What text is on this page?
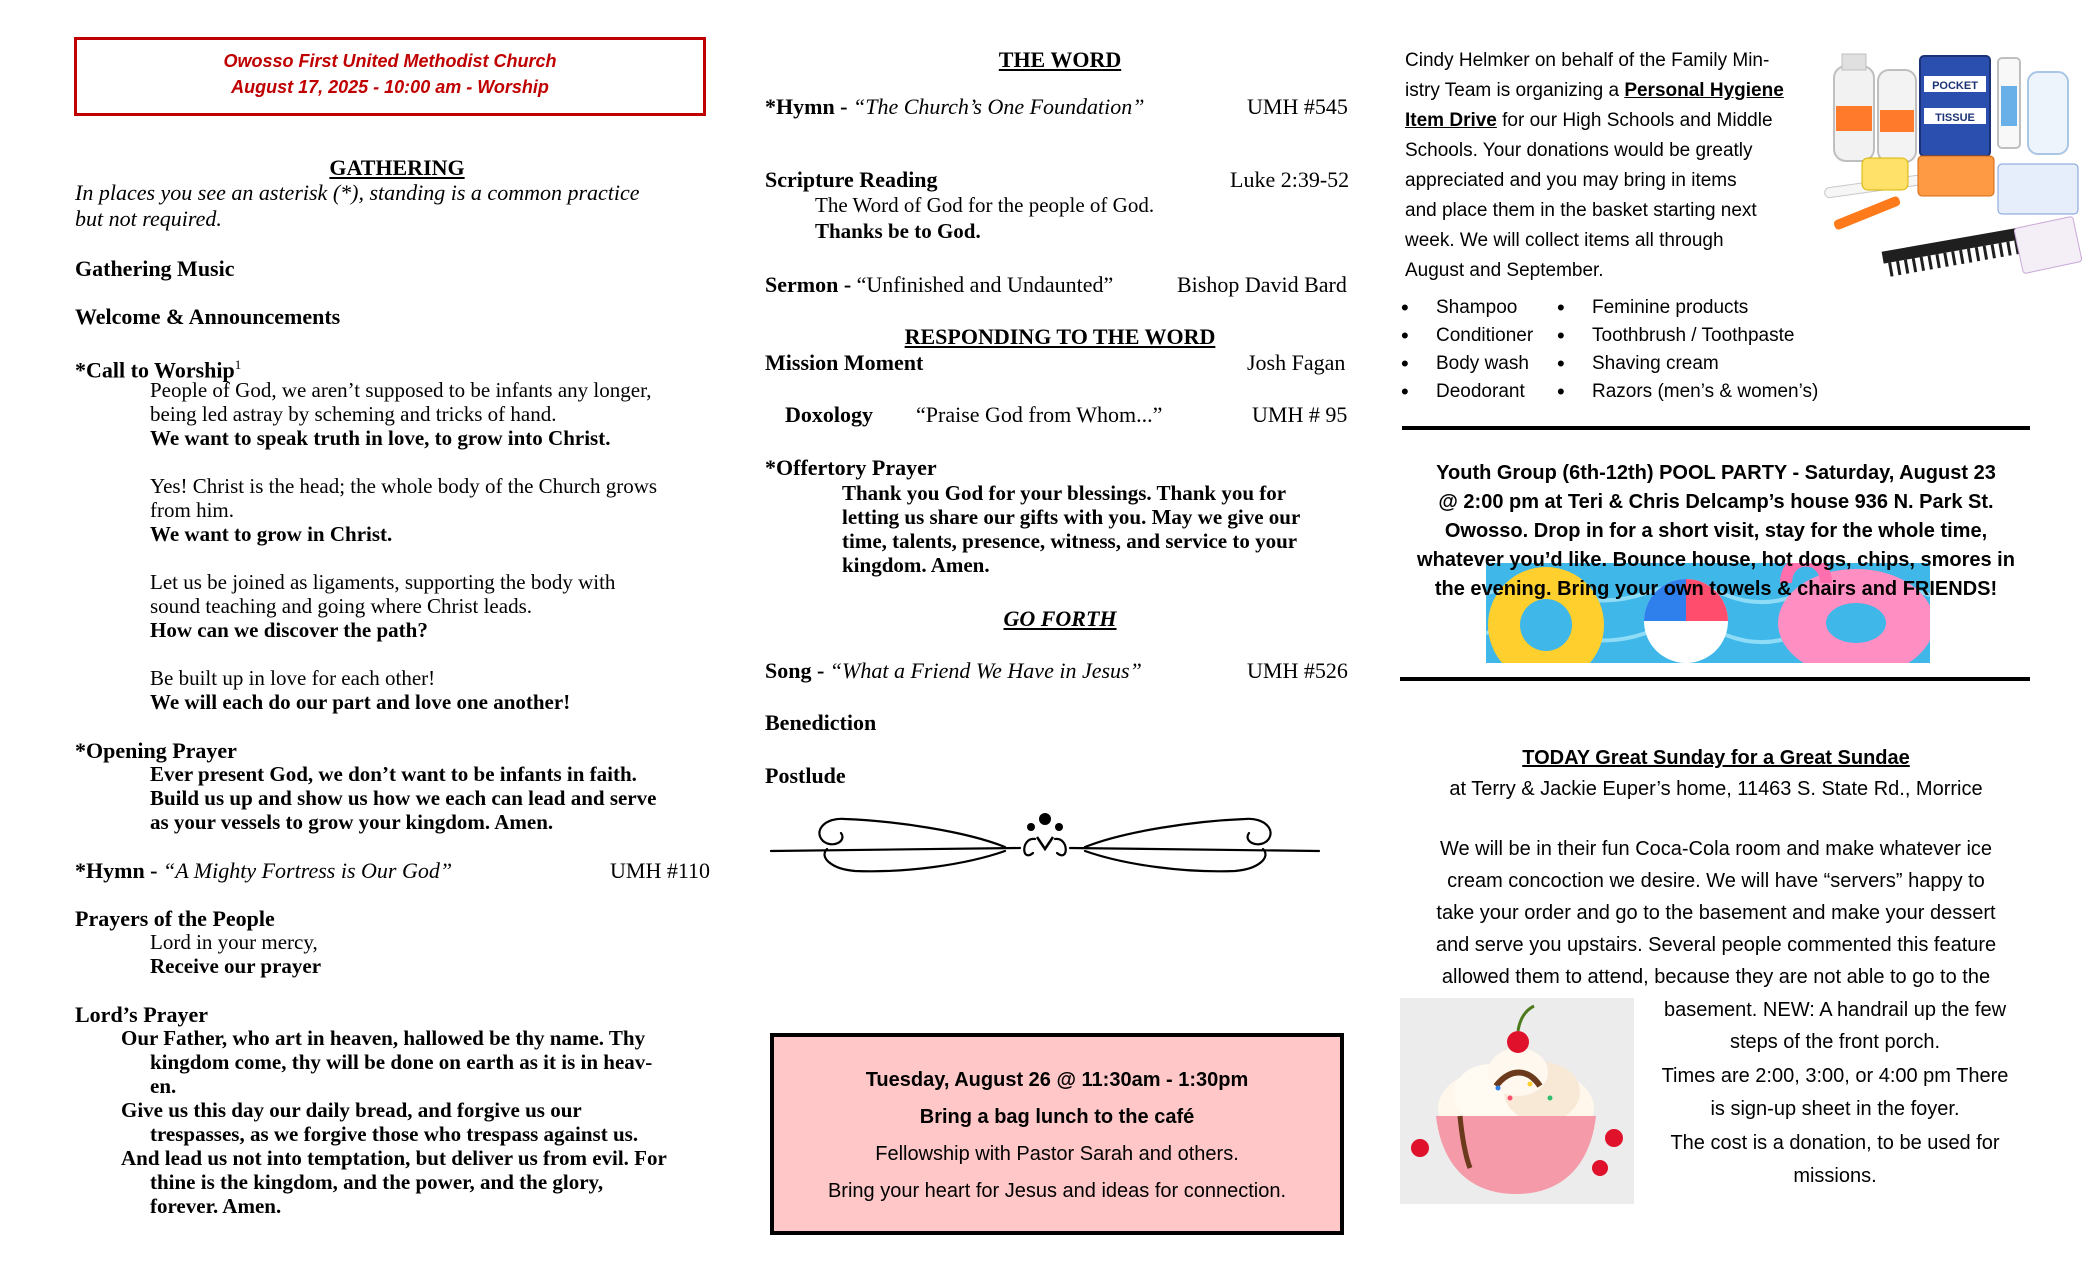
Owosso First United Methodist Church
August 17, 2025 - 10:00 am - Worship
GATHERING
In places you see an asterisk (*), standing is a common practice
but not required.
Gathering Music
Welcome & Announcements
*Call to Worship$^1$
People of God, we aren’t supposed to be infants any longer,
being led astray by scheming and tricks of hand.
We want to speak truth in love, to grow into Christ.
Yes! Christ is the head; the whole body of the Church grows
from him.
We want to grow in Christ.
Let us be joined as ligaments, supporting the body with
sound teaching and going where Christ leads.
How can we discover the path?
Be built up in love for each other!
We will each do our part and love one another!
*Opening Prayer
Ever present God, we don’t want to be infants in faith.
Build us up and show us how we each can lead and serve
as your vessels to grow your kingdom. Amen.
*Hymn - “A Mighty Fortress is Our God”	UMH #110
Prayers of the People
Lord in your mercy,
Receive our prayer
Lord’s Prayer
Our Father, who art in heaven, hallowed be thy name. Thy
kingdom come, thy will be done on earth as it is in heav-
en.
Give us this day our daily bread, and forgive us our
trespasses, as we forgive those who trespass against us.
And lead us not into temptation, but deliver us from evil. For
thine is the kingdom, and the power, and the glory,
forever. Amen.
THE WORD
*Hymn - “The Church’s One Foundation”	UMH #545
Scripture Reading	Luke 2:39-52
The Word of God for the people of God.
Thanks be to God.
Sermon - “Unfinished and Undaunted”	Bishop David Bard
RESPONDING TO THE WORD
Mission Moment	Josh Fagan
Doxology “Praise God from Whom...”	UMH # 95
*Offertory Prayer
Thank you God for your blessings. Thank you for
letting us share our gifts with you. May we give our
time, talents, presence, witness, and service to your
kingdom. Amen.
GO FORTH
Song - “What a Friend We Have in Jesus”	UMH #526
Benediction
Postlude
Tuesday, August 26 @ 11:30am - 1:30pm
Bring a bag lunch to the café
Fellowship with Pastor Sarah and others.
Bring your heart for Jesus and ideas for connection.
Cindy Helmker on behalf of the Family Min-
istry Team is organizing a Personal Hygiene
Item Drive for our High Schools and Middle
Schools. Your donations would be greatly
appreciated and you may bring in items
and place them in the basket starting next
week. We will collect items all through
August and September.
POCKET
TISSUE
• Shampoo
• Conditioner
• Body wash
• Deodorant
• Feminine products
• Toothbrush / Toothpaste
• Shaving cream
• Razors (men’s & women’s)
Youth Group (6th-12th) POOL PARTY - Saturday, August 23
@ 2:00 pm at Teri & Chris Delcamp’s house 936 N. Park St.
Owosso. Drop in for a short visit, stay for the whole time,
whatever you’d like. Bounce house, hot dogs, chips, smores in
the evening. Bring your own towels & chairs and FRIENDS!
TODAY Great Sunday for a Great Sundae
at Terry & Jackie Euper’s home, 11463 S. State Rd., Morrice
We will be in their fun Coca-Cola room and make whatever ice
cream concoction we desire. We will have “servers” happy to
take your order and go to the basement and make your dessert
and serve you upstairs. Several people commented this feature
allowed them to attend, because they are not able to go to the
basement. NEW: A handrail up the few
steps of the front porch.
Times are 2:00, 3:00, or 4:00 pm There
is sign-up sheet in the foyer.
The cost is a donation, to be used for
missions.
